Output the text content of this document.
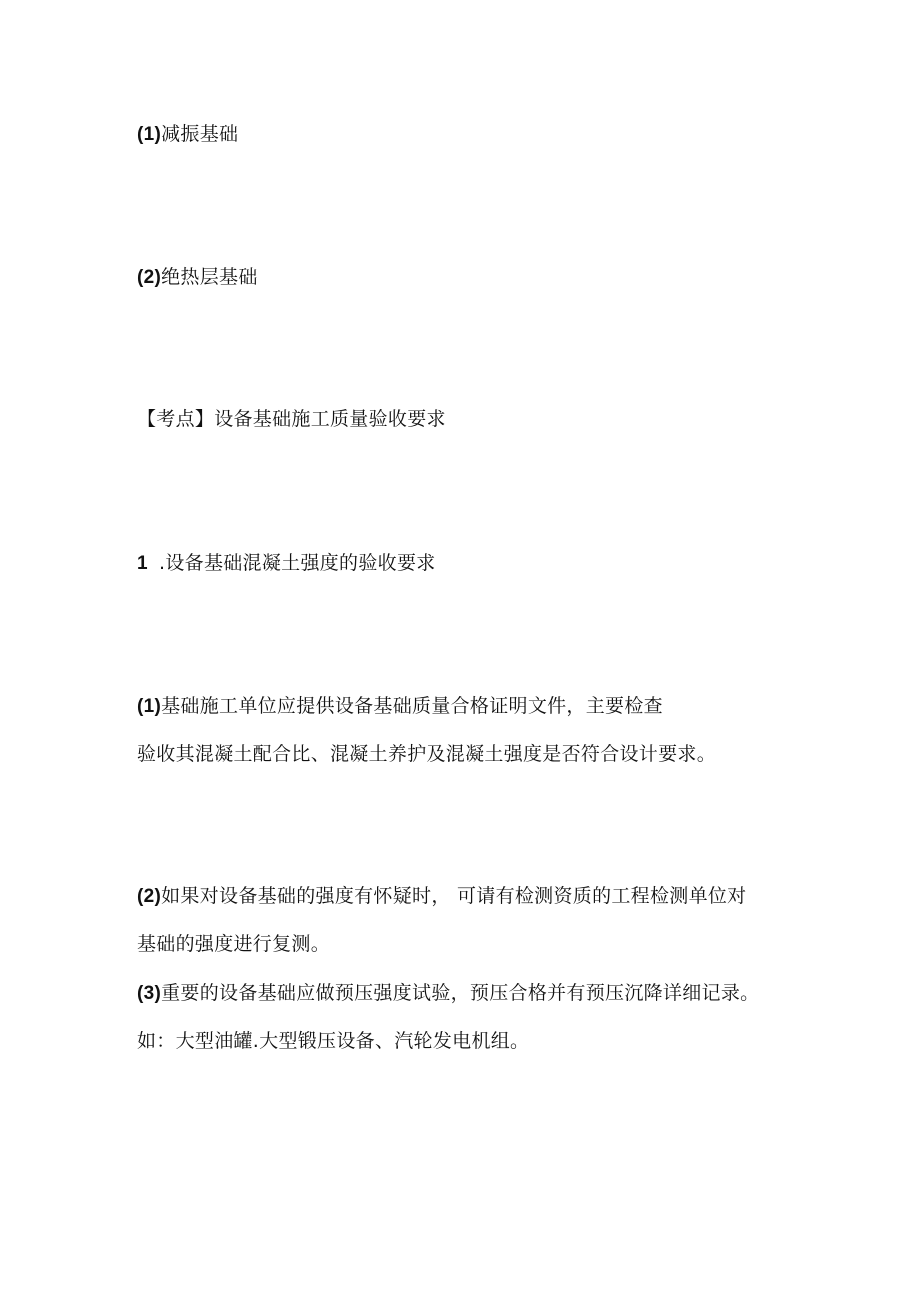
(1)减振基础
(2)绝热层基础
【考点】设备基础施工质量验收要求
1 .设备基础混凝土强度的验收要求
(1)基础施工单位应提供设备基础质量合格证明文件，主要检查
验收其混凝土配合比、混凝土养护及混凝土强度是否符合设计要求。
(2)如果对设备基础的强度有怀疑时， 可请有检测资质的工程检测单位对
基础的强度进行复测。
(3)重要的设备基础应做预压强度试验，预压合格并有预压沉降详细记录。
如：大型油罐.大型锻压设备、汽轮发电机组。
